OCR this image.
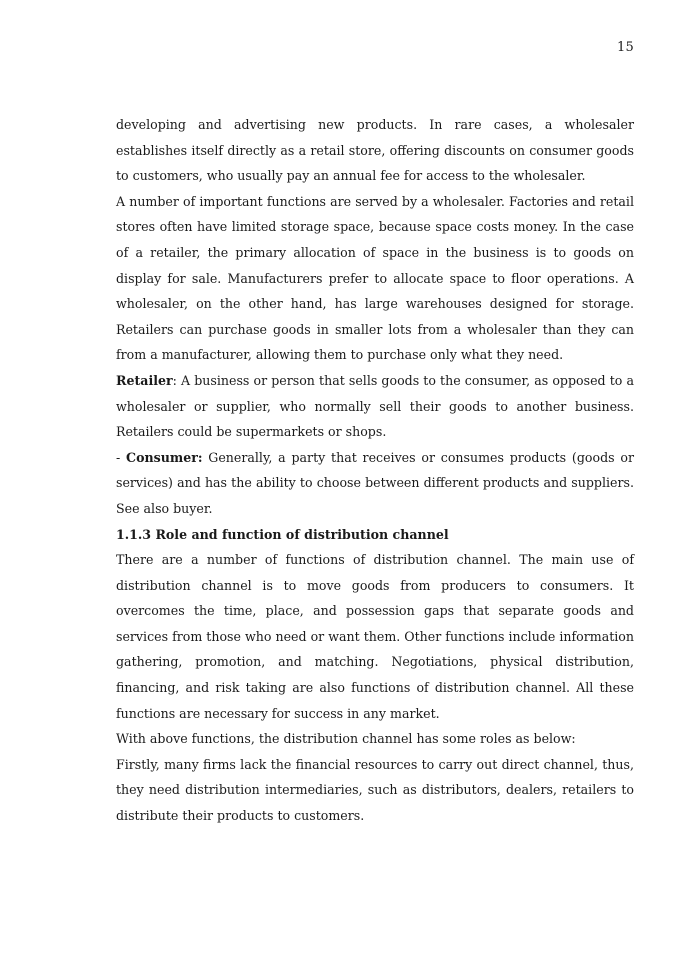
15

developing and advertising new products. In rare cases, a wholesaler establishes itself directly as a retail store, offering discounts on consumer goods to customers, who usually pay an annual fee for access to the wholesaler.

A number of important functions are served by a wholesaler. Factories and retail stores often have limited storage space, because space costs money. In the case of a retailer, the primary allocation of space in the business is to goods on display for sale. Manufacturers prefer to allocate space to floor operations. A wholesaler, on the other hand, has large warehouses designed for storage. Retailers can purchase goods in smaller lots from a wholesaler than they can from a manufacturer, allowing them to purchase only what they need.

Retailer: A business or person that sells goods to the consumer, as opposed to a wholesaler or supplier, who normally sell their goods to another business. Retailers could be supermarkets or shops.

- Consumer: Generally, a party that receives or consumes products (goods or services) and has the ability to choose between different products and suppliers. See also buyer.

1.1.3 Role and function of distribution channel

There are a number of functions of distribution channel. The main use of distribution channel is to move goods from producers to consumers. It overcomes the time, place, and possession gaps that separate goods and services from those who need or want them. Other functions include information gathering, promotion, and matching. Negotiations, physical distribution, financing, and risk taking are also functions of distribution channel. All these functions are necessary for success in any market.

With above functions, the distribution channel has some roles as below:

Firstly, many firms lack the financial resources to carry out direct channel, thus, they need distribution intermediaries, such as distributors, dealers, retailers to distribute their products to customers.
